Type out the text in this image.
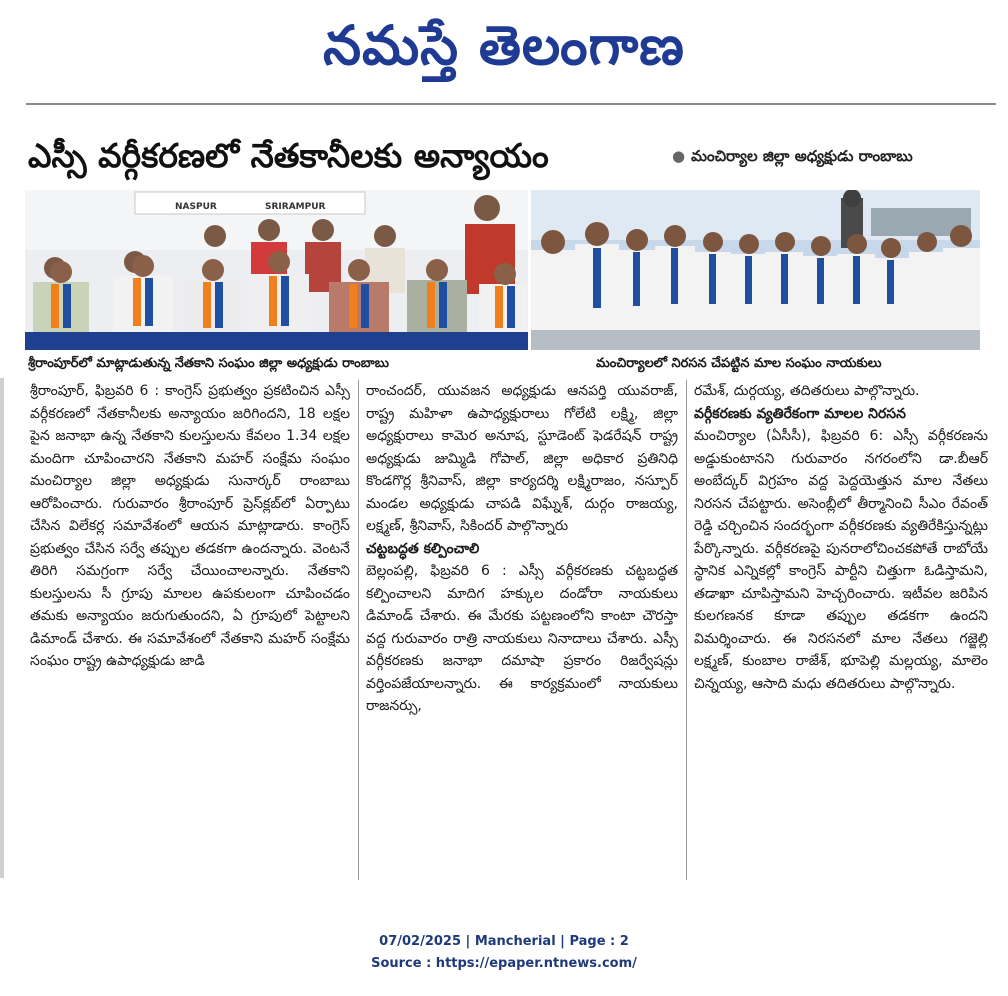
నమస్తే తెలంగాణ
ఎస్సీ వర్గీకరణలో నేతకానీలకు అన్యాయం	● మంచిర్యాల జిల్లా అధ్యక్షుడు రాంబాబు
NASPUR	SRIRAMPUR
శ్రీరాంపూర్‌లో మాట్లాడుతున్న నేతకాని సంఘం జిల్లా అధ్యక్షుడు రాంబాబు	మంచిర్యాలలో నిరసన చేపట్టిన మాల సంఘం నాయకులు

శ్రీరాంపూర్, ఫిబ్రవరి 6 : కాంగ్రెస్ ప్రభుత్వం ప్రకటించిన ఎస్సీ వర్గీకరణలో నేతకానీలకు అన్యాయం జరిగిందని, 18 లక్షల పైన జనాభా ఉన్న నేతకాని కులస్తులను కేవలం 1.34 లక్షల మందిగా చూపించారని నేతకాని మహర్ సంక్షేమ సంఘం మంచిర్యాల జిల్లా అధ్యక్షుడు సునార్కర్ రాంబాబు ఆరోపించారు. గురువారం శ్రీరాంపూర్ ప్రెస్‌క్లబ్‌లో ఏర్పాటు చేసిన విలేకర్ల సమావేశంలో ఆయన మాట్లాడారు. కాంగ్రెస్ ప్రభుత్వం చేసిన సర్వే తప్పుల తడకగా ఉందన్నారు. వెంటనే తిరిగి సమగ్రంగా సర్వే చేయించాలన్నారు. నేతకాని కులస్తులను సీ గ్రూపు మాలల ఉపకులంగా చూపించడం తమకు అన్యాయం జరుగుతుందని, ఏ గ్రూపులో పెట్టాలని డిమాండ్ చేశారు. ఈ సమావేశంలో నేతకాని మహర్ సంక్షేమ సంఘం రాష్ట్ర ఉపాధ్యక్షుడు జాడి

రాంచందర్, యువజన అధ్యక్షుడు ఆనపర్తి యువరాజ్, రాష్ట్ర మహిళా ఉపాధ్యక్షురాలు గోలేటి లక్ష్మి, జిల్లా అధ్యక్షురాలు కామెర అనూష, స్టూడెంట్ ఫెడరేషన్ రాష్ట్ర అధ్యక్షుడు జుమ్మిడి గోపాల్, జిల్లా అధికార ప్రతినిధి కొండగొర్ల శ్రీనివాస్, జిల్లా కార్యదర్శి లక్ష్మిరాజం, నస్పూర్ మండల అధ్యక్షుడు చాపడి విఘ్నేశ్, దుర్గం రాజయ్య, లక్ష్మణ్, శ్రీనివాస్, సికిందర్ పాల్గొన్నారు

చట్టబద్ధత కల్పించాలి

బెల్లంపల్లి, ఫిబ్రవరి 6 : ఎస్సీ వర్గీకరణకు చట్టబద్ధత కల్పించాలని మాదిగ హక్కుల దండోరా నాయకులు డిమాండ్ చేశారు. ఈ మేరకు పట్టణంలోని కాంటా చౌరస్తా వద్ద గురువారం రాత్రి నాయకులు నినాదాలు చేశారు. ఎస్సీ వర్గీకరణకు జనాభా దమాషా ప్రకారం రిజర్వేషన్లు వర్తింపజేయాలన్నారు. ఈ కార్యక్రమంలో నాయకులు రాజనర్సు,

రమేశ్, దుర్గయ్య, తదితరులు పాల్గొన్నారు.

వర్గీకరణకు వ్యతిరేకంగా మాలల నిరసన

మంచిర్యాల (ఏసీసీ), ఫిబ్రవరి 6: ఎస్సీ వర్గీకరణను అడ్డుకుంటానని గురువారం నగరంలోని డా.బీఆర్ అంబేద్కర్ విగ్రహం వద్ద పెద్దయెత్తున మాల నేతలు నిరసన చేపట్టారు. అసెంబ్లీలో తీర్మానించి సీఎం రేవంత్ రెడ్డి చర్చించిన సందర్భంగా వర్గీకరణకు వ్యతిరేకిస్తున్నట్లు పేర్కొన్నారు. వర్గీకరణపై పునరాలోచించకపోతే రాబోయే స్థానిక ఎన్నికల్లో కాంగ్రెస్ పార్టీని చిత్తుగా ఓడిస్తామని, తడాఖా చూపిస్తామని హెచ్చరించారు. ఇటీవల జరిపిన కులగణనక కూడా తప్పుల తడకగా ఉందని విమర్శించారు. ఈ నిరసనలో మాల నేతలు గజ్జెల్లి లక్ష్మణ్, కుంబాల రాజేశ్, భూపెల్లి మల్లయ్య, మాలెం చిన్నయ్య, ఆసాది మధు తదితరులు పాల్గొన్నారు.

07/02/2025 | Mancherial | Page : 2
Source : https://epaper.ntnews.com/
